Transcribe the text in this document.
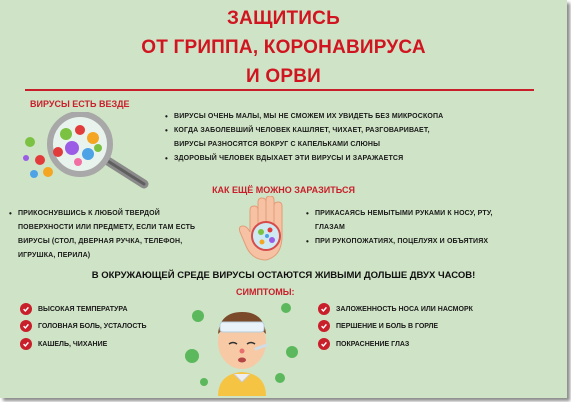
ЗАЩИТИСЬ
ОТ ГРИППА, КОРОНАВИРУСА
И ОРВИ
ВИРУСЫ ЕСТЬ ВЕЗДЕ
• ВИРУСЫ ОЧЕНЬ МАЛЫ, МЫ НЕ СМОЖЕМ ИХ УВИДЕТЬ БЕЗ МИКРОСКОПА
• КОГДА ЗАБОЛЕВШИЙ ЧЕЛОВЕК КАШЛЯЕТ, ЧИХАЕТ, РАЗГОВАРИВАЕТ,
ВИРУСЫ РАЗНОСЯТСЯ ВОКРУГ С КАПЕЛЬКАМИ СЛЮНЫ
• ЗДОРОВЫЙ ЧЕЛОВЕК ВДЫХАЕТ ЭТИ ВИРУСЫ И ЗАРАЖАЕТСЯ
КАК ЕЩЁ МОЖНО ЗАРАЗИТЬСЯ
• ПРИКОСНУВШИСЬ К ЛЮБОЙ ТВЕРДОЙ
ПОВЕРХНОСТИ ИЛИ ПРЕДМЕТУ, ЕСЛИ ТАМ ЕСТЬ
ВИРУСЫ (СТОЛ, ДВЕРНАЯ РУЧКА, ТЕЛЕФОН,
ИГРУШКА, ПЕРИЛА)
• ПРИКАСАЯСЬ НЕМЫТЫМИ РУКАМИ К НОСУ, РТУ,
ГЛАЗАМ
• ПРИ РУКОПОЖАТИЯХ, ПОЦЕЛУЯХ И ОБЪЯТИЯХ
В ОКРУЖАЮЩЕЙ СРЕДЕ ВИРУСЫ ОСТАЮТСЯ ЖИВЫМИ ДОЛЬШЕ ДВУХ ЧАСОВ!
СИМПТОМЫ:
ВЫСОКАЯ ТЕМПЕРАТУРА
ГОЛОВНАЯ БОЛЬ, УСТАЛОСТЬ
КАШЕЛЬ, ЧИХАНИЕ
ЗАЛОЖЕННОСТЬ НОСА ИЛИ НАСМОРК
ПЕРШЕНИЕ И БОЛЬ В ГОРЛЕ
ПОКРАСНЕНИЕ ГЛАЗ
